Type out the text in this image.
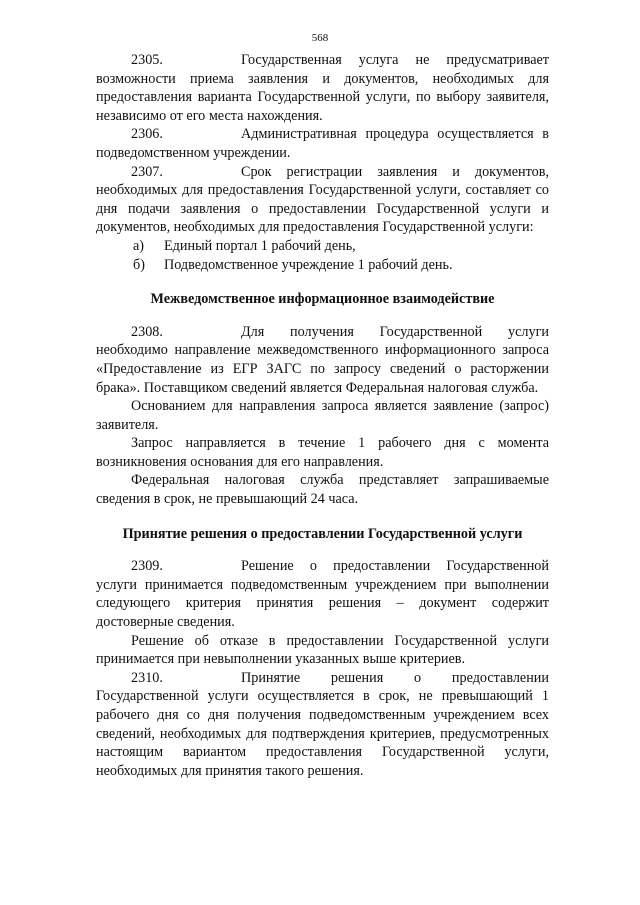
568

2305.	Государственная услуга не предусматривает возможности приема заявления и документов, необходимых для предоставления варианта Государственной услуги, по выбору заявителя, независимо от его места нахождения.

2306.	Административная процедура осуществляется в подведомственном учреждении.

2307.	Срок регистрации заявления и документов, необходимых для предоставления Государственной услуги, составляет со дня подачи заявления о предоставлении Государственной услуги и документов, необходимых для предоставления Государственной услуги:

а) Единый портал 1 рабочий день,

б) Подведомственное учреждение 1 рабочий день.

Межведомственное информационное взаимодействие

2308.	Для получения Государственной услуги необходимо направление межведомственного информационного запроса «Предоставление из ЕГР ЗАГС по запросу сведений о расторжении брака». Поставщиком сведений является Федеральная налоговая служба.

Основанием для направления запроса является заявление (запрос) заявителя.

Запрос направляется в течение 1 рабочего дня с момента возникновения основания для его направления.

Федеральная налоговая служба представляет запрашиваемые сведения в срок, не превышающий 24 часа.

Принятие решения о предоставлении Государственной услуги

2309.	Решение о предоставлении Государственной услуги принимается подведомственным учреждением при выполнении следующего критерия принятия решения – документ содержит достоверные сведения.

Решение об отказе в предоставлении Государственной услуги принимается при невыполнении указанных выше критериев.

2310.	Принятие решения о предоставлении Государственной услуги осуществляется в срок, не превышающий 1 рабочего дня со дня получения подведомственным учреждением всех сведений, необходимых для подтверждения критериев, предусмотренных настоящим вариантом предоставления Государственной услуги, необходимых для принятия такого решения.
